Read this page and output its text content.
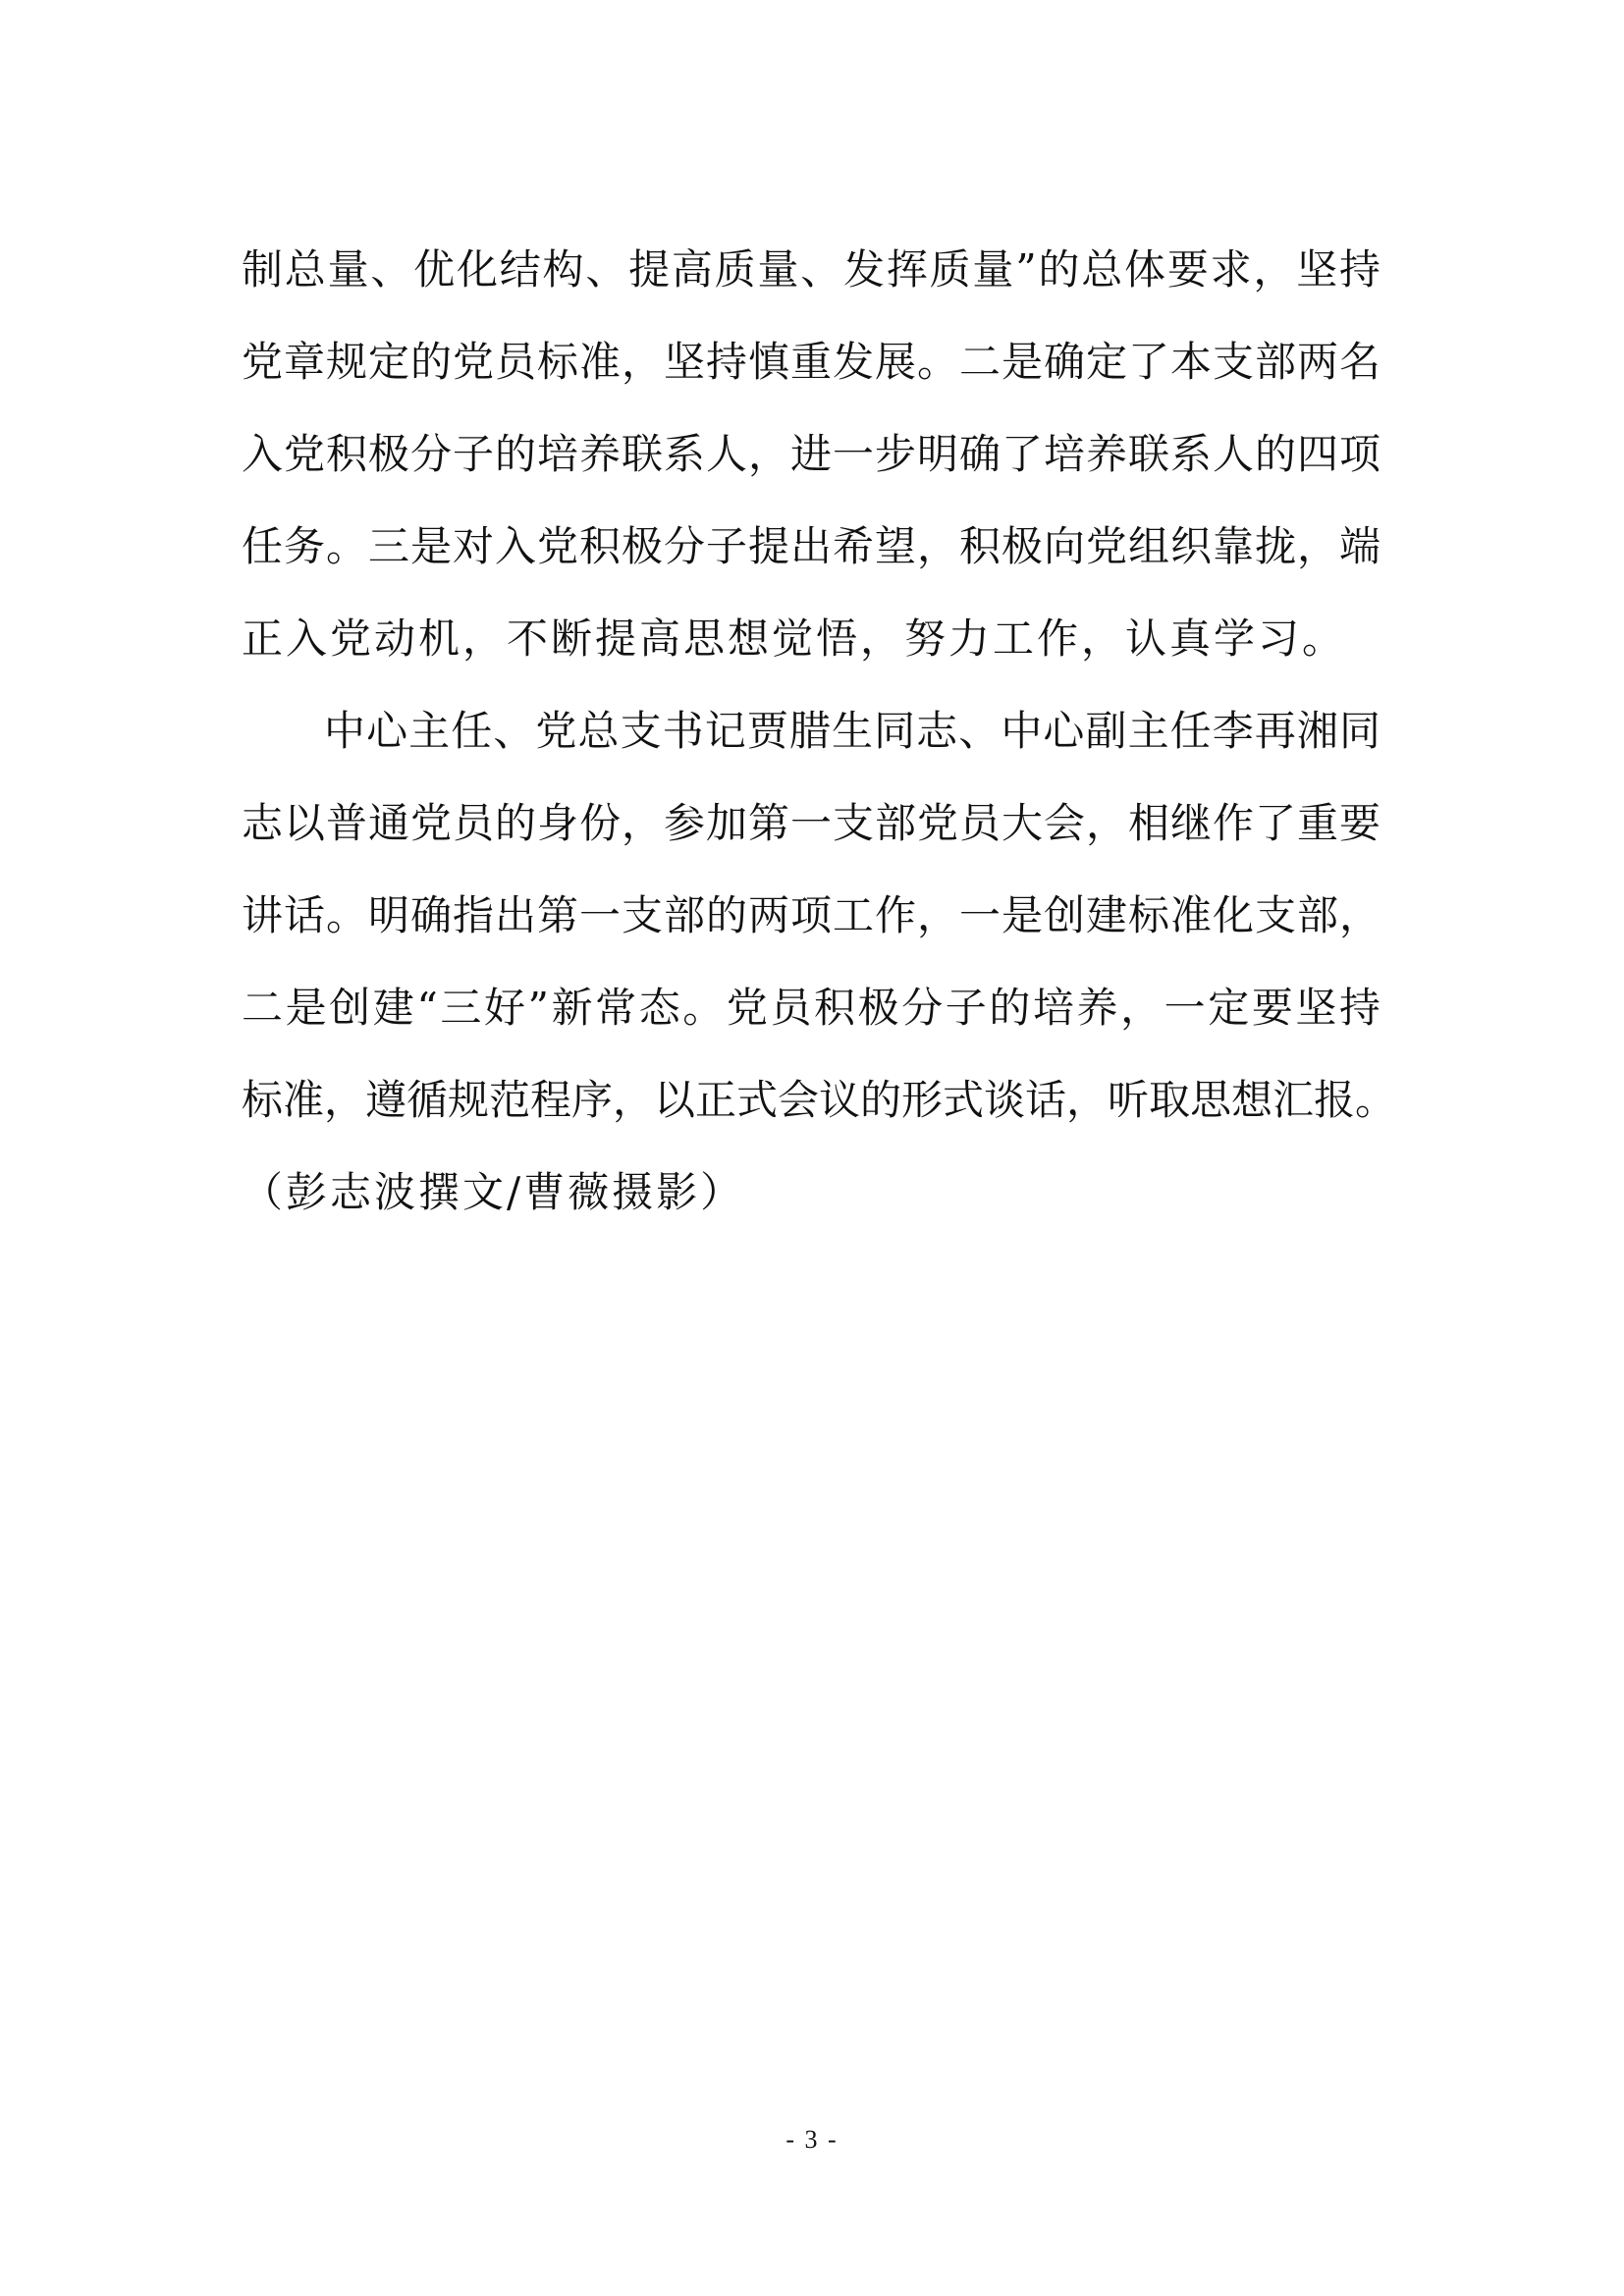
制总量、优化结构、提高质量、发挥质量”的总体要求，坚持
党章规定的党员标准，坚持慎重发展。二是确定了本支部两名
入党积极分子的培养联系人，进一步明确了培养联系人的四项
任务。三是对入党积极分子提出希望，积极向党组织靠拢，端
正入党动机，不断提高思想觉悟，努力工作，认真学习。
中心主任、党总支书记贾腊生同志、中心副主任李再湘同
志以普通党员的身份，参加第一支部党员大会，相继作了重要
讲话。明确指出第一支部的两项工作，一是创建标准化支部，
二是创建“三好”新常态。党员积极分子的培养，一定要坚持
标准，遵循规范程序，以正式会议的形式谈话，听取思想汇报。
（彭志波撰文/曹薇摄影）
- 3 -
